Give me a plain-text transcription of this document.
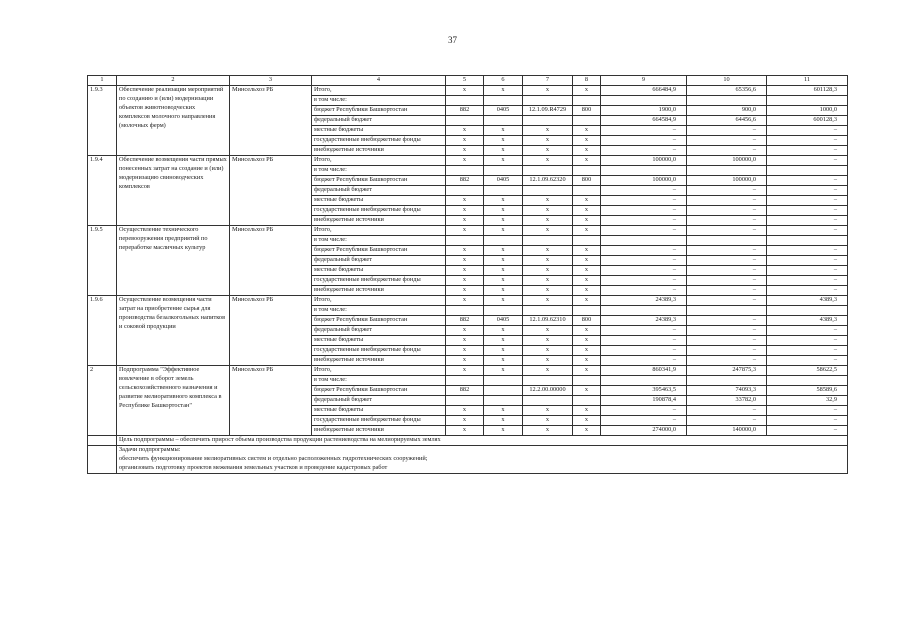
37
1	2	3	4	5	6	7	8	9	10	11
1.9.3	Обеспечение реализации мероприятий по созданию и (или) модернизации объектов животноводческих комплексов молочного направления (молочных ферм)	Минсельхоз РБ	Итого,	х	х	х	х	666484,9	65356,6	601128,3
			в том числе:							
			бюджет Республики Башкортостан	882	0405	12.1.09.R4729	800	1900,0	900,0	1000,0
			федеральный бюджет					664584,9	64456,6	600128,3
			местные бюджеты	х	х	х	х	–	–	–
			государственные внебюджетные фонды	х	х	х	х	–	–	–
			внебюджетные источники	х	х	х	х	–	–	–
1.9.4	Обеспечение возмещения части прямых понесенных затрат на создание и (или) модернизацию свиноводческих комплексов	Минсельхоз РБ	Итого,	х	х	х	х	100000,0	100000,0	–
			в том числе:							
			бюджет Республики Башкортостан	882	0405	12.1.09.62320	800	100000,0	100000,0	–
			федеральный бюджет					–	–	–
			местные бюджеты	х	х	х	х	–	–	–
			государственные внебюджетные фонды	х	х	х	х	–	–	–
			внебюджетные источники	х	х	х	х	–	–	–
1.9.5	Осуществление технического перевооружения предприятий по переработке масличных культур	Минсельхоз РБ	Итого,	х	х	х	х	–	–	–
			в том числе:							
			бюджет Республики Башкортостан	х	х	х	х	–	–	–
			федеральный бюджет	х	х	х	х	–	–	–
			местные бюджеты	х	х	х	х	–	–	–
			государственные внебюджетные фонды	х	х	х	х	–	–	–
			внебюджетные источники	х	х	х	х	–	–	–
1.9.6	Осуществление возмещения части затрат на приобретение сырья для производства безалкогольных напитков и соковой продукции	Минсельхоз РБ	Итого,	х	х	х	х	24389,3	–	4389,3
			в том числе:							
			бюджет Республики Башкортостан	882	0405	12.1.09.62310	800	24389,3	–	4389,3
			федеральный бюджет	х	х	х	х	–	–	–
			местные бюджеты	х	х	х	х	–	–	–
			государственные внебюджетные фонды	х	х	х	х	–	–	–
			внебюджетные источники	х	х	х	х	–	–	–
2	Подпрограмма "Эффективное вовлечение в оборот земель сельскохозяйственного назначения и развитие мелиоративного комплекса в Республике Башкортостан"	Минсельхоз РБ	Итого,	х	х	х	х	860341,9	247875,3	58622,5
			в том числе:							
			бюджет Республики Башкортостан	882		12.2.00.00000	х	395463,5	74093,3	58589,6
			федеральный бюджет					190878,4	33782,0	32,9
			местные бюджеты	х	х	х	х	–	–	–
			государственные внебюджетные фонды	х	х	х	х	–	–	–
			внебюджетные источники	х	х	х	х	274000,0	140000,0	–
	Цель подпрограммы – обеспечить прирост объема производства продукции растениеводства на мелиорируемых землях									

	Задачи подпрограммы:
обеспечить функционирование мелиоративных систем и отдельно расположенных гидротехнических сооружений;
организовать подготовку проектов межевания земельных участков и проведение кадастровых работ									
